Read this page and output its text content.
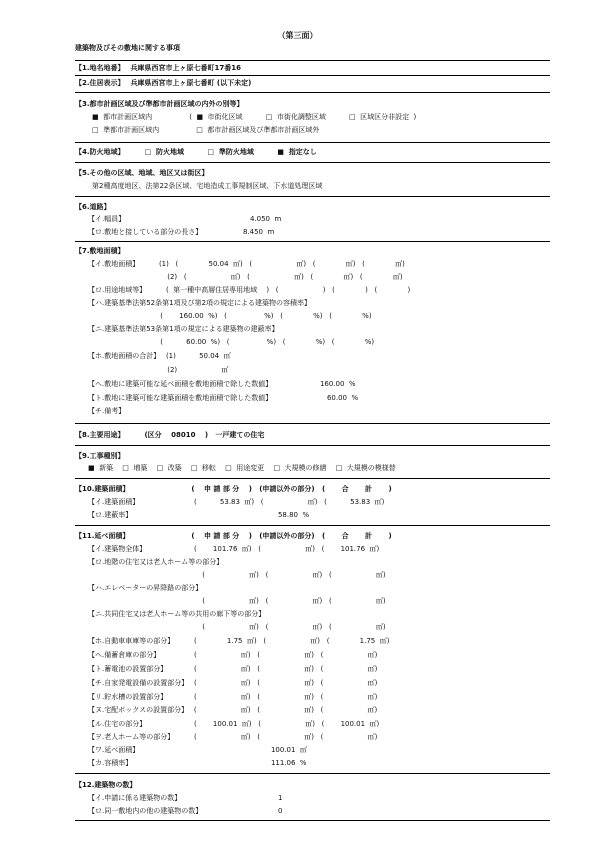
（第三面）
建築物及びその敷地に関する事項
【1.地名地番】　 兵庫県西宮市上ヶ原七番町17番16
【2.住居表示】　 兵庫県西宮市上ヶ原七番町 (以下未定)
【3.都市計画区域及び準都市計画区域の内外の別等】
■  都市計画区域内　　　　　 (  ■  市街化区域　　　 □  市街化調整区域　　　 □  区域区分非設定  )
□  準都市計画区域内　　　　　 □  都市計画区域及び準都市計画区域外
【4.防火地域】　　　 □  防火地域　　　 □  準防火地域　　　 ■  指定なし
【5.その他の区域、地域、地区又は街区】
第2種高度地区、法第22条区域、宅地造成工事規制区域、下水道処理区域
【6.道路】
【イ.幅員】　　　　　　　　　　　　　　　　　　 4.050  m
【ロ.敷地と接している部分の長さ】　　　　　　 8.450  m
【7.敷地面積】
【イ.敷地面積】　　　 (1)   (　　　　 50.04  ㎡)   (　　　　　　 ㎡)   (　　　　 ㎡)   (　　　　 ㎡)
　　　　　　　　　　　 (2)   (　　　　　　 ㎡)   (　　　　　　 ㎡)   (　　　　 ㎡)   (　　　　 ㎡)
【ロ.用途地域等】　　　 (  第一種中高層住居専用地域　 )   (　　　　　　 )   (　　　　 )   (　　　　 )
【ハ.建築基準法第52条第1項及び第2項の規定による建築物の容積率】
　　　　　　　　　　 (　　 160.00  %)   (　　　　　 %)   (　　　　 %)   (　　　　 %)
【ニ.建築基準法第53条第1項の規定による建築物の建蔽率】
　　　　　　　　　　 (　　　 60.00  %)   (　　　　　 %)   (　　　　 %)   (　　　　 %)
【ホ.敷地面積の合計】　 (1)　　　 50.04  ㎡
　　　　　　　　　　　 (2)　　　　　　 ㎡
【ヘ.敷地に建築可能な延べ面積を敷地面積で除した数値】　　　　　　　 160.00  %
【ト.敷地に建築可能な建築面積を敷地面積で除した数値】　　　　　　　　 60.00  %
【チ.備考】
【8.主要用途】　　　 (区分　 08010　 )   一戸建ての住宅
【9.工事種別】
■  新築　 □  増築　 □  改築　 □  移転　 □  用途変更　 □  大規模の修繕　 □  大規模の模様替
【10.建築面積】　　　　　　　　　 (　 申 請 部 分　 )   (申請以外の部分)   (　　 合　　 計　　 )
【イ.建築面積】　　　　　　　　 (　　　 53.83  ㎡)   (　　　　　　 ㎡)   (　　　 53.83  ㎡)
【ロ.建蔽率】　　　　　　　　　　　　　　　　　　　　　 58.80  %
【11.延べ面積】　　　　　　　　　 (　 申 請 部 分　 )   (申請以外の部分)   (　　 合　　 計　　 )
【イ.建築物全体】　　　　　　　 (　　 101.76  ㎡)   (　　　　　　 ㎡)   (　　 101.76  ㎡)
【ロ.地階の住宅又は老人ホーム等の部分】
　　　　　　　　　　　　　　　　 (　　　　　　 ㎡)   (　　　　　　 ㎡)   (　　　　　　 ㎡)
【ハ.エレベーターの昇降路の部分】
　　　　　　　　　　　　　　　　 (　　　　　　 ㎡)   (　　　　　　 ㎡)   (　　　　　　 ㎡)
【ニ.共同住宅又は老人ホーム等の共用の廊下等の部分】
　　　　　　　　　　　　　　　　 (　　　　　　 ㎡)   (　　　　　　 ㎡)   (　　　　　　 ㎡)
【ホ.自動車車庫等の部分】　　　 (　　　　 1.75  ㎡)   (　　　　　　 ㎡)   (　　　　 1.75  ㎡)
【ヘ.備蓄倉庫の部分】　　　　　 (　　　　　　 ㎡)   (　　　　　　 ㎡)   (　　　　　　 ㎡)
【ト.蓄電池の設置部分】　　　　 (　　　　　　 ㎡)   (　　　　　　 ㎡)   (　　　　　　 ㎡)
【チ.自家発電設備の設置部分】　 (　　　　　　 ㎡)   (　　　　　　 ㎡)   (　　　　　　 ㎡)
【リ.貯水槽の設置部分】　　　　 (　　　　　　 ㎡)   (　　　　　　 ㎡)   (　　　　　　 ㎡)
【ヌ.宅配ボックスの設置部分】　 (　　　　　　 ㎡)   (　　　　　　 ㎡)   (　　　　　　 ㎡)
【ル.住宅の部分】　　　　　　　 (　　 100.01  ㎡)   (　　　　　　 ㎡)   (　　 100.01  ㎡)
【ヲ.老人ホーム等の部分】　　　 (　　　　　　 ㎡)   (　　　　　　 ㎡)   (　　　　　　 ㎡)
【ワ.延べ面積】　　　　　　　　　　　　　　　　　　　 100.01  ㎡
【カ.容積率】　　　　　　　　　　　　　　　　　　　　 111.06  %
【12.建築物の数】
【イ.申請に係る建築物の数】　　　　　　　　　　　　　　 1
【ロ.同一敷地内の他の建築物の数】　　　　　　　　　　　 0
